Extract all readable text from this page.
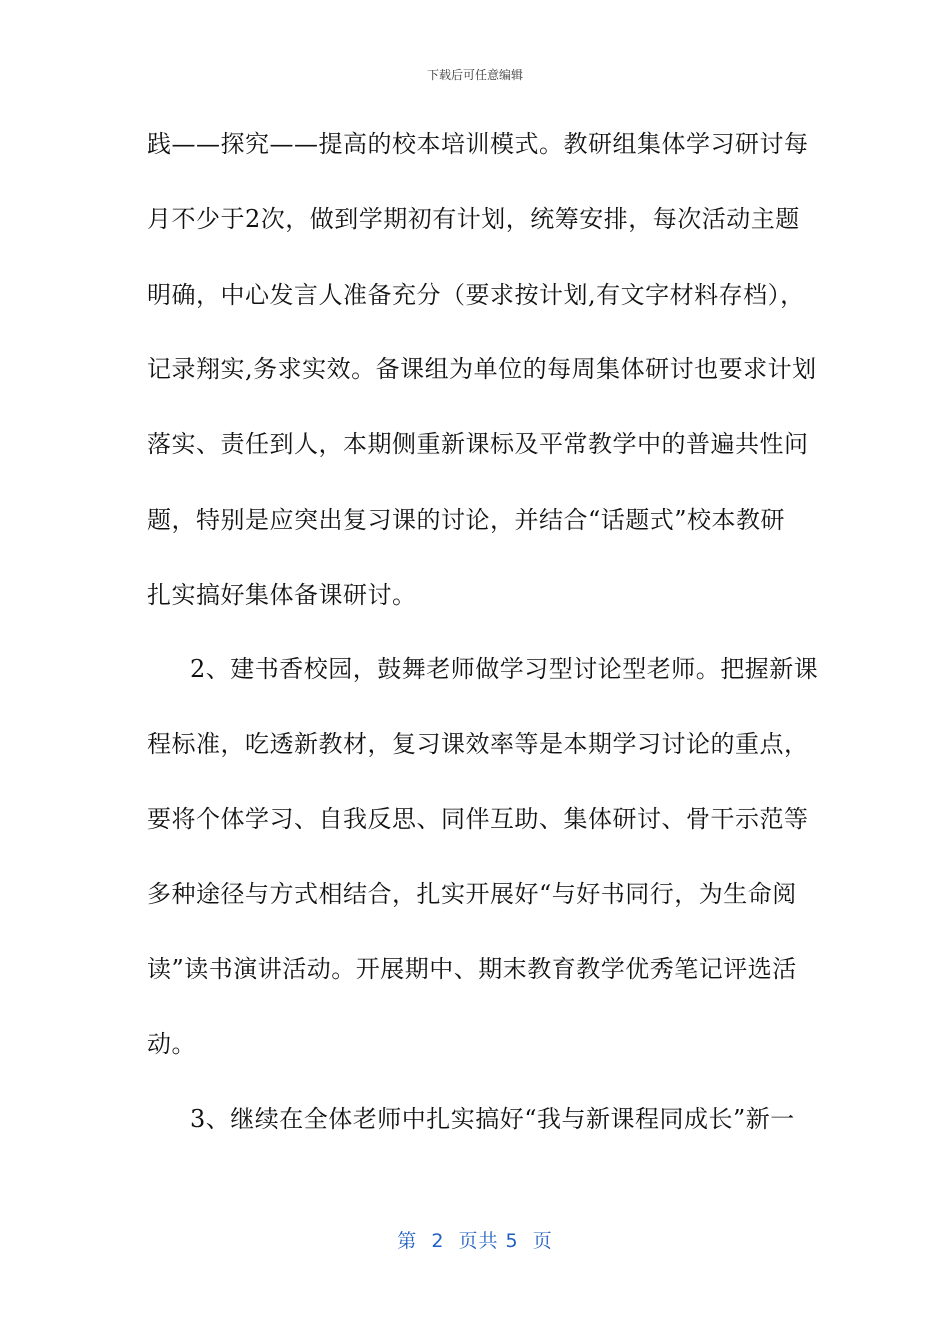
下载后可任意编辑
践——探究——提高的校本培训模式。教研组集体学习研讨每
月不少于2次，做到学期初有计划，统筹安排，每次活动主题
明确，中心发言人准备充分（要求按计划,有文字材料存档），
记录翔实,务求实效。备课组为单位的每周集体研讨也要求计划
落实、责任到人，本期侧重新课标及平常教学中的普遍共性问
题，特别是应突出复习课的讨论，并结合“话题式”校本教研
扎实搞好集体备课研讨。
2、建书香校园，鼓舞老师做学习型讨论型老师。把握新课
程标准，吃透新教材，复习课效率等是本期学习讨论的重点，
要将个体学习、自我反思、同伴互助、集体研讨、骨干示范等
多种途径与方式相结合，扎实开展好“与好书同行，为生命阅
读”读书演讲活动。开展期中、期末教育教学优秀笔记评选活
动。
3、继续在全体老师中扎实搞好“我与新课程同成长”新一
第  2  页共 5  页
